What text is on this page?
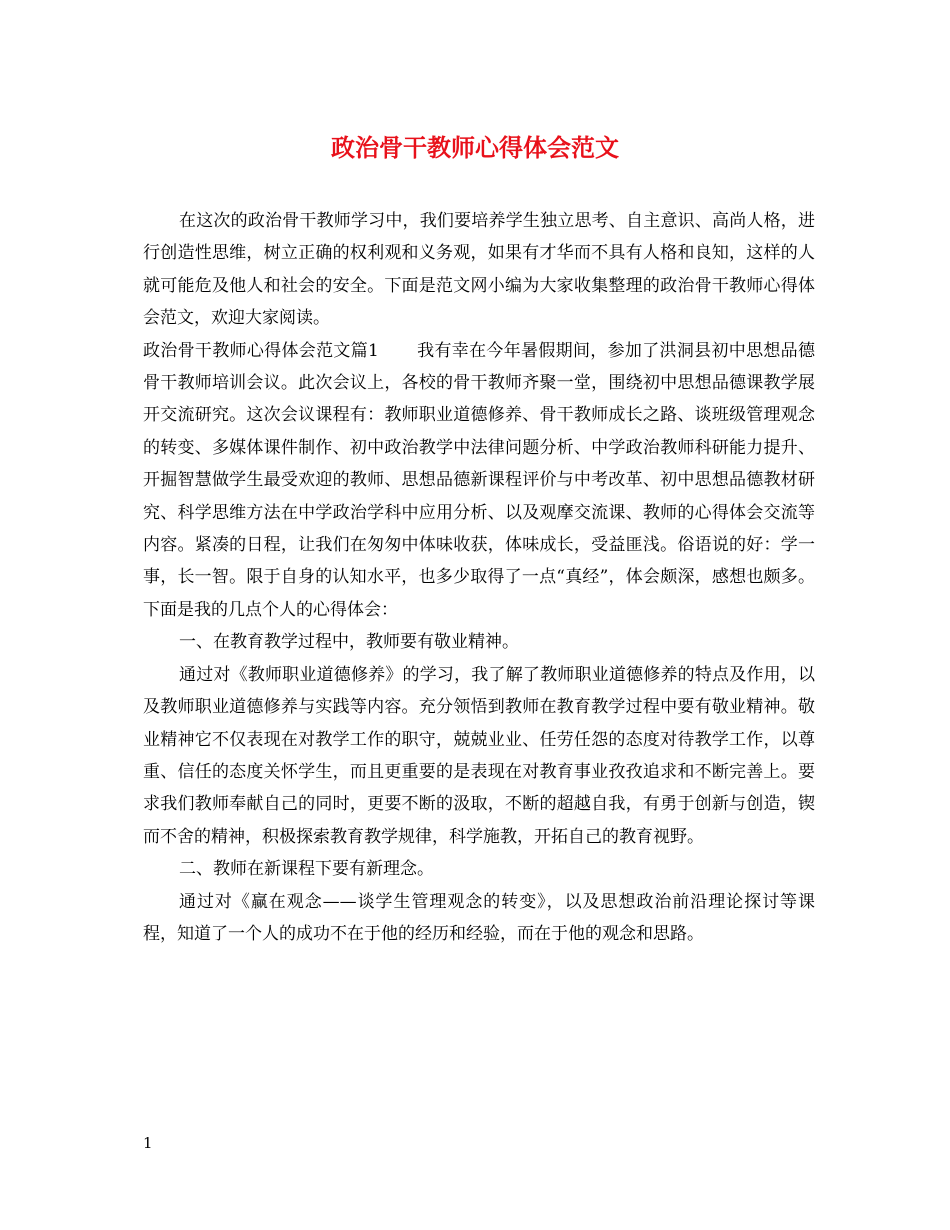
政治骨干教师心得体会范文

在这次的政治骨干教师学习中，我们要培养学生独立思考、自主意识、高尚人格，进行创造性思维，树立正确的权利观和义务观，如果有才华而不具有人格和良知，这样的人就可能危及他人和社会的安全。下面是范文网小编为大家收集整理的政治骨干教师心得体会范文，欢迎大家阅读。

政治骨干教师心得体会范文篇1 我有幸在今年暑假期间，参加了洪洞县初中思想品德骨干教师培训会议。此次会议上，各校的骨干教师齐聚一堂，围绕初中思想品德课教学展开交流研究。这次会议课程有：教师职业道德修养、骨干教师成长之路、谈班级管理观念的转变、多媒体课件制作、初中政治教学中法律问题分析、中学政治教师科研能力提升、开掘智慧做学生最受欢迎的教师、思想品德新课程评价与中考改革、初中思想品德教材研究、科学思维方法在中学政治学科中应用分析、以及观摩交流课、教师的心得体会交流等内容。紧凑的日程，让我们在匆匆中体味收获，体味成长，受益匪浅。俗语说的好：学一事，长一智。限于自身的认知水平，也多少取得了一点“真经”，体会颇深，感想也颇多。下面是我的几点个人的心得体会：

一、在教育教学过程中，教师要有敬业精神。

通过对《教师职业道德修养》的学习，我了解了教师职业道德修养的特点及作用，以及教师职业道德修养与实践等内容。充分领悟到教师在教育教学过程中要有敬业精神。敬业精神它不仅表现在对教学工作的职守，兢兢业业、任劳任怨的态度对待教学工作，以尊重、信任的态度关怀学生，而且更重要的是表现在对教育事业孜孜追求和不断完善上。要求我们教师奉献自己的同时，更要不断的汲取，不断的超越自我，有勇于创新与创造，锲而不舍的精神，积极探索教育教学规律，科学施教，开拓自己的教育视野。

二、教师在新课程下要有新理念。

通过对《赢在观念——谈学生管理观念的转变》，以及思想政治前沿理论探讨等课程，知道了一个人的成功不在于他的经历和经验，而在于他的观念和思路。

1
